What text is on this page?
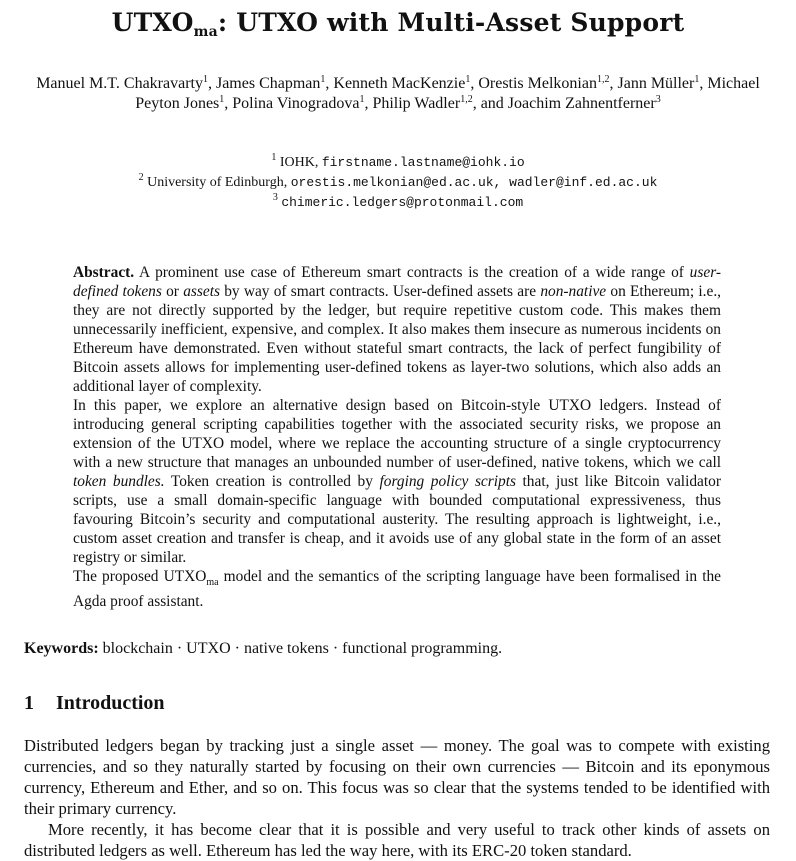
$UTXO_{ma}$: UTXO with Multi-Asset Support
Manuel M.T. Chakravarty$^1$, James Chapman$^1$, Kenneth MacKenzie$^1$, Orestis Melkonian$^{1,2}$, Jann Müller$^1$, Michael Peyton Jones$^1$, Polina Vinogradova$^1$, Philip Wadler$^{1,2}$, and Joachim Zahnentferner$^3$
$^1$ IOHK, firstname.lastname@iohk.io
$^2$ University of Edinburgh, orestis.melkonian@ed.ac.uk, wadler@inf.ed.ac.uk
$^3$ chimeric.ledgers@protonmail.com

Abstract. A prominent use case of Ethereum smart contracts is the creation of a wide range of user-defined tokens or assets by way of smart contracts. User-defined assets are non-native on Ethereum; i.e., they are not directly supported by the ledger, but require repetitive custom code. This makes them unnecessarily inefficient, expensive, and complex. It also makes them insecure as numerous incidents on Ethereum have demonstrated. Even without stateful smart contracts, the lack of perfect fungibility of Bitcoin assets allows for implementing user-defined tokens as layer-two solutions, which also adds an additional layer of complexity.

In this paper, we explore an alternative design based on Bitcoin-style UTXO ledgers. Instead of introducing general scripting capabilities together with the associated security risks, we propose an extension of the UTXO model, where we replace the accounting structure of a single cryptocurrency with a new structure that manages an unbounded number of user-defined, native tokens, which we call token bundles. Token creation is controlled by forging policy scripts that, just like Bitcoin validator scripts, use a small domain-specific language with bounded computational expressiveness, thus favouring Bitcoin’s security and computational austerity. The resulting approach is lightweight, i.e., custom asset creation and transfer is cheap, and it avoids use of any global state in the form of an asset registry or similar.

The proposed $UTXO_{ma}$ model and the semantics of the scripting language have been formalised in the Agda proof assistant.

Keywords: blockchain · UTXO · native tokens · functional programming.
1 Introduction

Distributed ledgers began by tracking just a single asset — money. The goal was to compete with existing currencies, and so they naturally started by focusing on their own currencies — Bitcoin and its eponymous currency, Ethereum and Ether, and so on. This focus was so clear that the systems tended to be identified with their primary currency.

More recently, it has become clear that it is possible and very useful to track other kinds of assets on distributed ledgers as well. Ethereum has led the way here, with its ERC-20 token standard.
